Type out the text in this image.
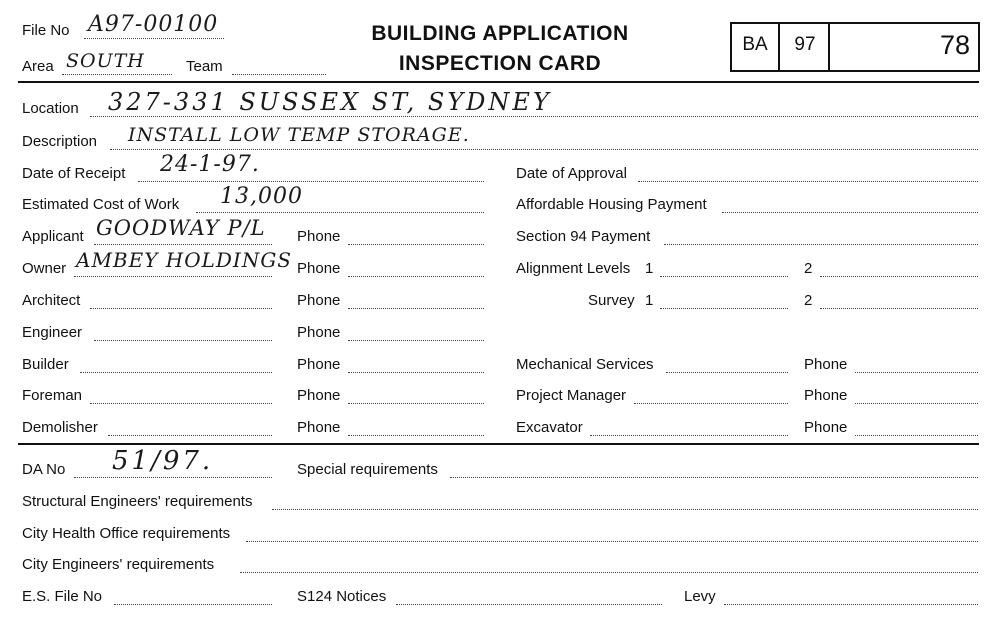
File No A97-00100
Area SOUTH	Team
BUILDING APPLICATION
INSPECTION CARD
BA	97	78
Location 327-331 SUSSEX ST, SYDNEY
Description INSTALL LOW TEMP STORAGE.
Date of Receipt 24-1-97.	Date of Approval
Estimated Cost of Work 13,000	Affordable Housing Payment
Applicant GOODWAY P/L Phone	Section 94 Payment
Owner AMBEY HOLDINGS Phone	Alignment Levels 1	2
Architect	Phone	Survey 1	2
Engineer	Phone
Builder	Phone	Mechanical Services	Phone
Foreman	Phone	Project Manager	Phone
Demolisher	Phone	Excavator	Phone
DA No 51/97.	Special requirements
Structural Engineers' requirements
City Health Office requirements
City Engineers' requirements
E.S. File No	S124 Notices	Levy
